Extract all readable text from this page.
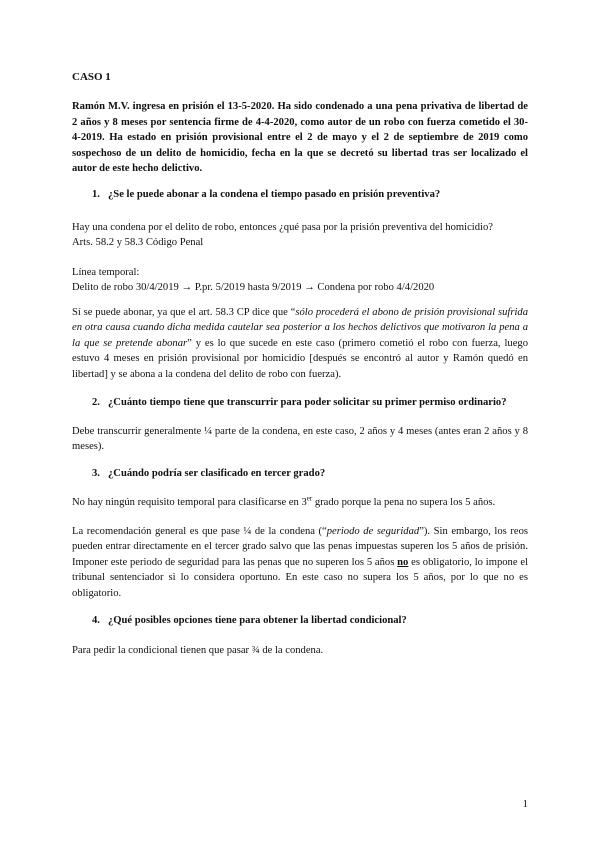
CASO 1
Ramón M.V. ingresa en prisión el 13-5-2020. Ha sido condenado a una pena privativa de libertad de 2 años y 8 meses por sentencia firme de 4-4-2020, como autor de un robo con fuerza cometido el 30-4-2019. Ha estado en prisión provisional entre el 2 de mayo y el 2 de septiembre de 2019 como sospechoso de un delito de homicidio, fecha en la que se decretó su libertad tras ser localizado el autor de este hecho delictivo.
1. ¿Se le puede abonar a la condena el tiempo pasado en prisión preventiva?
Hay una condena por el delito de robo, entonces ¿qué pasa por la prisión preventiva del homicidio?
Arts. 58.2 y 58.3 Código Penal
Línea temporal:
Delito de robo 30/4/2019 → P.pr. 5/2019 hasta 9/2019 → Condena por robo 4/4/2020
Sí se puede abonar, ya que el art. 58.3 CP dice que “sólo procederá el abono de prisión provisional sufrida en otra causa cuando dicha medida cautelar sea posterior a los hechos delictivos que motivaron la pena a la que se pretende abonar” y es lo que sucede en este caso (primero cometió el robo con fuerza, luego estuvo 4 meses en prisión provisional por homicidio [después se encontró al autor y Ramón quedó en libertad] y se abona a la condena del delito de robo con fuerza).
2. ¿Cuánto tiempo tiene que transcurrir para poder solicitar su primer permiso ordinario?
Debe transcurrir generalmente ¼ parte de la condena, en este caso, 2 años y 4 meses (antes eran 2 años y 8 meses).
3. ¿Cuándo podría ser clasificado en tercer grado?
No hay ningún requisito temporal para clasificarse en 3er grado porque la pena no supera los 5 años.
La recomendación general es que pase ¼ de la condena (“periodo de seguridad”). Sin embargo, los reos pueden entrar directamente en el tercer grado salvo que las penas impuestas superen los 5 años de prisión. Imponer este periodo de seguridad para las penas que no superen los 5 años no es obligatorio, lo impone el tribunal sentenciador si lo considera oportuno. En este caso no supera los 5 años, por lo que no es obligatorio.
4. ¿Qué posibles opciones tiene para obtener la libertad condicional?
Para pedir la condicional tienen que pasar ¾ de la condena.
1
